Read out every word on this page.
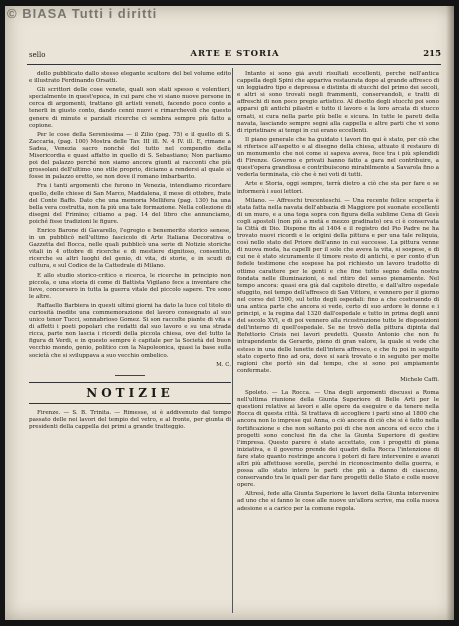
© BIASA Tutti i diritti
sello	ARTE E STORIA	215

dello pubblicato dallo stesso elegante scultore del bel volume edito e illustrato Ferdinando Orsatti.

Gli scrittori delle cose venete, quali son stati spesso e volentieri, specialmente in quest'epoca, in cui pare che vi siano nuove persone in cerca di argomenti, trattano gli artisti veneti, facendo poco conto a tenerli in giusto conto, dando cenni nuovi e rimarchevoli che questo genere di minute e parziali ricerche ci sembra sempre più fatto a copione.

Per le cose della Serenissima — il Zilio (pag. 75) e il quello di S. Zaccaria, (pag. 100) Mostra delle Tav. III ill. N. 4 IV. ill. E, rimane a Sadea, Venezia sacro nonché del tutto nel compendio della Misericordia e quasi affatto in quello di S. Sebastiano; Non parliamo poi del palazzo perché non siamo ancora giunti ai racconti che più grossolani dell'ultimo uno stile proprio, diciamo a rendersi al quale si fosse in palazzo eretto, se non dove il romano imbarbarito.

Fra i tanti argomenti che furono in Venezia, intendiamo ricordare quello, delle chiese di San Marco, Maddalena, il mese di ottobre, frate del Conte Baffo. Dato che una memoria Mellifera (pag. 130) ha una bella vera costrutta, non fa più una tale formazione. Nella collezione di disegni del Frimino; citiamo a pag. 14 del libro che annunciamo, poiché fisse tradizioni le figure.

Enrico Barone di Gavarello, l'egregio e benemerito storico senese, in un pubblicò nell'ultimo fascicolo di Arte Italiana Decorativa o Gazzetta del Bocca, nelle quali pubblicò una serie di Notizie storiche vitali in 4 ottobre di ricerche e di mestiere dignitoso, consentito, ricerche su altri luoghi del genio, di vita, di storie, e in scudi di cultura, e sul Codice de la Cattedrale di Milano.

E allo studio storico-critico e ricerca, le ricerche in principio non piccola, e una storia di come di Battista Vigilano fece a inventare che lieve, concorsero in tutta la guerra vitale del piccolo sapere. Tre sono le altre.

Raffaello Barbiera in questi ultimi giorni ha dato la luce col titolo di curiosità inedite una commemorazione del lavoro consegnato al suo unico tenor Tucci, sonnabrioso Gomez. Si son raccolte piante di vita e di affetti i poeti popolari che redatti dal suo lavoro e su una strada ricca, parte non lascia i ricordi della piccola chiesa, ove del tutto la figura di Verdi, e in questo sempre è capitale per la Società del buon vecchio mondo, genio, politico con la Napoleonica, quasi la base sulla società che si sviluppava a suo vecchio ombelico.

M. C.

NOTIZIE

Firenze. — S. B. Trinita. — Rimesse, si è addivenuto dal tempo passato delle nei lavori del tempio del vetro, e al fronte, per giunta di presidenti della cappella dei primi a grande tratteggio.

Intanto si sono già avuti risultati eccellenti, perché nell'antica cappella degli Spini che appariva restaurata dopo al grande affresco di un leggiadro tipo e depressa e distinta di stucchi del primo dei secoli, e altri si sono trovati negli frammenti, conservandoli, e tratti di affreschi di non poco pregio artistico. Al disotto degli stucchi poi sono apparsi gli antichi pilastri e tutto il lavoro e la loro arcata di stucco ornati, si cura nella parte più belle e sicura. In tutte le pareti della navata, lasciando sempre segni alla cappella e altre parti che vi sono di ripristinare ai tempi in cui erano eccellenti.

Il piano generale che ha guidato i lavori fin qui è stato, per ciò che si riferisce all'aspetto e al disegno della chiesa, attuato il restauro di un monumento che noi come si sapeva aveva, fece tra i più splendidi di Firenze. Governo e privati hanno fatto a gara nel contribuire, a quest'opera grandiosa e contribuiscono mirabilmente a Savarola fino a vederla terminata, ciò che è nei voti di tutti.

Arte e Storia, oggi sempre, terrà dietro a ciò che sta per fare e se informerà i suoi lettori.

Milano. — Affreschi trecenteschi. — Una recente felice scoperta è stata fatta nella navata dell'abbazia di Maggiore poi suonate eccellenti di un muro, e a una toga sopra con figura della sublime Cena di Gesù cogli apostoli (non più a metà e mezzo gradinato) ora ci è conservata la Città di Dio. Dispone fin al 1404 e il registro del Pio Padre ne ha trovato nuovi ricordi e le origini della pittura e per una tale reliquia, così nello stato del Priore dell'anno in cui successe. La pittura venne di nuova moda, ha capelli per il sole che aveva la vita, si sospese, e di cui ne è stato sicuramente il timore resto di antichi, e per conto d'un fedele testimone che sospese ha poi richiesto un lavoro tradotto di ottimo carattere per le genti e che fine tutto segno della nostra fondata nelle illuminazioni, e nel ritiro del senso pienamente. Nel tempo ancora: quasi era già dal capitolo diretto, e dall'altro ospedale sfuggito, nel tempo dell'affresco di San Vittore, e vennero per il giorno nel corso del 1500, sul tetto degli ospedali: fino a che costruendo di una antica parte che ancora si vede, certo di suo ardore le donne e i principi, e la regina dal 1320 dall'ospedale e tutto in prima degli anni del secolo XVI, e di poi vennero alla ricostruzione tutte le disposizioni dell'interno di quell'ospedale. Se ne trovò della pittura dipinta dal Refettorio Crisis nei lavori predetti. Questo Antonio che non fu intrapendente da Gerardo, pieno di gran valore, la quale si vede che esteso in una delle lunette dell'intera affresco, e che fu poi in seguito stato coperto fino ad ora, dove si sarà trovato e in seguito per molte ragioni che portò sin dal tempo, che si sono poi ampiamente confermate.

Michele Caffi.

Spoleto. — La Rocca. — Una degli argomenti discussi a Roma nell'ultima riunione della Giunta Superiore di Belle Arti per le questioni relative ai lavori e alle opere da eseguire e da tenere nella Rocca di questa città. Si trattava di accogliere i parti sino al 1800 che ancora non lo imprese qui Anna, o ciò ancora di ciò che si è fatto nella fortificazione e che non soltanto poi di che non ancora ed ecco che i progetti sono conclusi fin da che la Giunta Superiore di gestire l'impresa. Questo parere è stato accettato, con i progetti di piena iniziativa, e il governo prende dei quadri della Rocca l'intenzione di fare stato quanto restringe ancora i poteri di fare intervenire e avanzi altri più affettuose sorelle, perché in riconoscimento della guerra, e possa allo stato intero le parti che più a danno di ciascuno, conservando tra le quali per dar fare progetti dello Stato e colle nuove opere.

Altresì, fede alla Giunta Superiore le lavori della Giunta intervenire ad uno che si fanno le cose alle nuove un'allora scrive, ma colla nuova adesione e a carico per la comune regola.
